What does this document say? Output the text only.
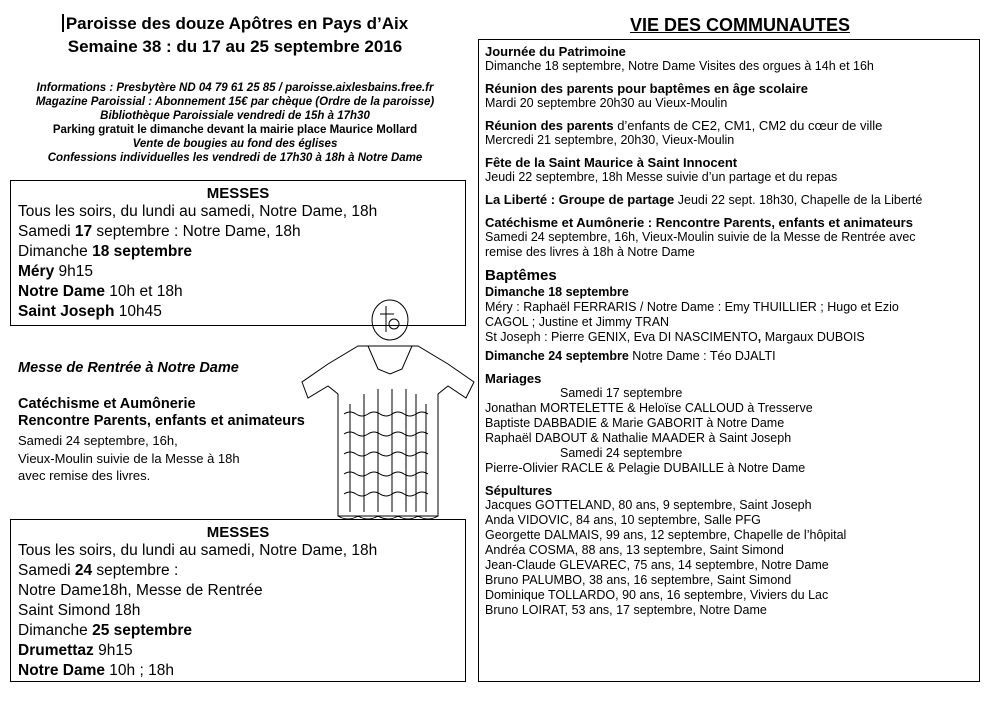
Paroisse des douze Apôtres en Pays d’Aix
Semaine 38 : du 17 au 25 septembre 2016
Informations : Presbytère ND 04 79 61 25 85 / paroisse.aixlesbains.free.fr
Magazine Paroissial : Abonnement 15€ par chèque (Ordre de la paroisse)
Bibliothèque Paroissiale vendredi de 15h à 17h30
Parking gratuit le dimanche devant la mairie place Maurice Mollard
Vente de bougies au fond des églises
Confessions individuelles les vendredi de 17h30 à 18h à Notre Dame
MESSES
Tous les soirs, du lundi au samedi, Notre Dame, 18h
Samedi 17 septembre : Notre Dame, 18h
Dimanche 18 septembre
Méry 9h15
Notre Dame 10h et 18h
Saint Joseph 10h45
Messe de Rentrée à Notre Dame
Catéchisme et Aumônerie
Rencontre Parents, enfants et animateurs
Samedi 24 septembre, 16h,
Vieux-Moulin suivie de la Messe à 18h
avec remise des livres.
MESSES
Tous les soirs, du lundi au samedi, Notre Dame, 18h
Samedi 24 septembre :
Notre Dame18h, Messe de Rentrée
Saint Simond 18h
Dimanche 25 septembre
Drumettaz 9h15
Notre Dame 10h ; 18h
VIE DES COMMUNAUTES
Journée du Patrimoine
Dimanche 18 septembre, Notre Dame Visites des orgues à 14h et 16h
Réunion des parents pour baptêmes en âge scolaire
Mardi 20 septembre 20h30 au Vieux-Moulin
Réunion des parents d’enfants de CE2, CM1, CM2 du cœur de ville
Mercredi 21 septembre, 20h30, Vieux-Moulin
Fête de la Saint Maurice à Saint Innocent
Jeudi 22 septembre, 18h Messe suivie d’un partage et du repas
La Liberté : Groupe de partage Jeudi 22 sept. 18h30, Chapelle de la Liberté
Catéchisme et Aumônerie : Rencontre Parents, enfants et animateurs
Samedi 24 septembre, 16h, Vieux-Moulin suivie de la Messe de Rentrée avec
remise des livres à 18h à Notre Dame
Baptêmes
Dimanche 18 septembre
Méry : Raphaël FERRARIS / Notre Dame : Emy THUILLIER ; Hugo et Ezio
CAGOL ; Justine et Jimmy TRAN
St Joseph : Pierre GENIX, Eva DI NASCIMENTO, Margaux DUBOIS
Dimanche 24 septembre Notre Dame : Téo DJALTI
Mariages
Samedi 17 septembre
Jonathan MORTELETTE & Heloïse CALLOUD à Tresserve
Baptiste DABBADIE & Marie GABORIT à Notre Dame
Raphaël DABOUT & Nathalie MAADER à Saint Joseph
Samedi 24 septembre
Pierre-Olivier RACLE & Pelagie DUBAILLE à Notre Dame
Sépultures
Jacques GOTTELAND, 80 ans, 9 septembre, Saint Joseph
Anda VIDOVIC, 84 ans, 10 septembre, Salle PFG
Georgette DALMAIS, 99 ans, 12 septembre, Chapelle de l’hôpital
Andréa COSMA, 88 ans, 13 septembre, Saint Simond
Jean-Claude GLEVAREC, 75 ans, 14 septembre, Notre Dame
Bruno PALUMBO, 38 ans, 16 septembre, Saint Simond
Dominique TOLLARDO, 90 ans, 16 septembre, Viviers du Lac
Bruno LOIRAT, 53 ans, 17 septembre, Notre Dame
